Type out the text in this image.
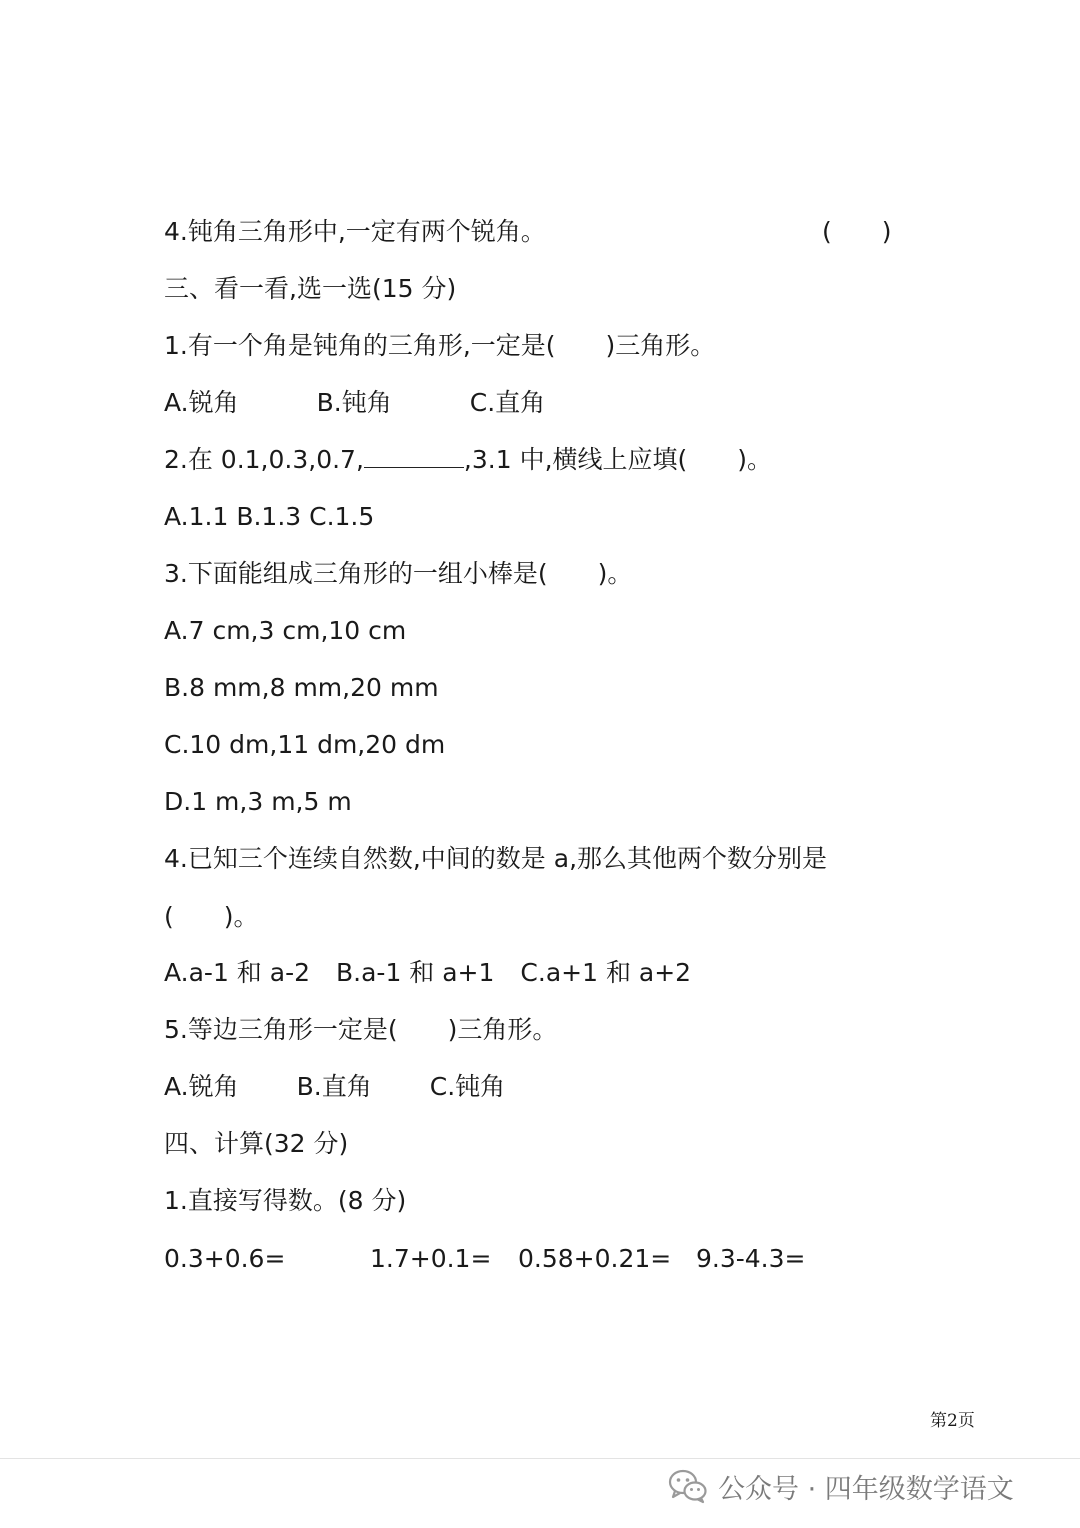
4.钝角三角形中,一定有两个锐角。	(　　)
三、看一看,选一选(15 分)
1.有一个角是钝角的三角形,一定是(　　)三角形。
A.锐角	B.钝角	C.直角
2.在 0.1,0.3,0.7,	,3.1 中,横线上应填(　　)。
A.1.1 B.1.3 C.1.5
3.下面能组成三角形的一组小棒是(　　)。
A.7 cm,3 cm,10 cm
B.8 mm,8 mm,20 mm
C.10 dm,11 dm,20 dm
D.1 m,3 m,5 m
4.已知三个连续自然数,中间的数是 a,那么其他两个数分别是
(　　)。
A.a-1 和 a-2 B.a-1 和 a+1 C.a+1 和 a+2
5.等边三角形一定是(　　)三角形。
A.锐角 B.直角 C.钝角
四、计算(32 分)
1.直接写得数。(8 分)
0.3+0.6=	1.7+0.1= 0.58+0.21= 9.3-4.3=
第2页
公众号 · 四年级数学语文
